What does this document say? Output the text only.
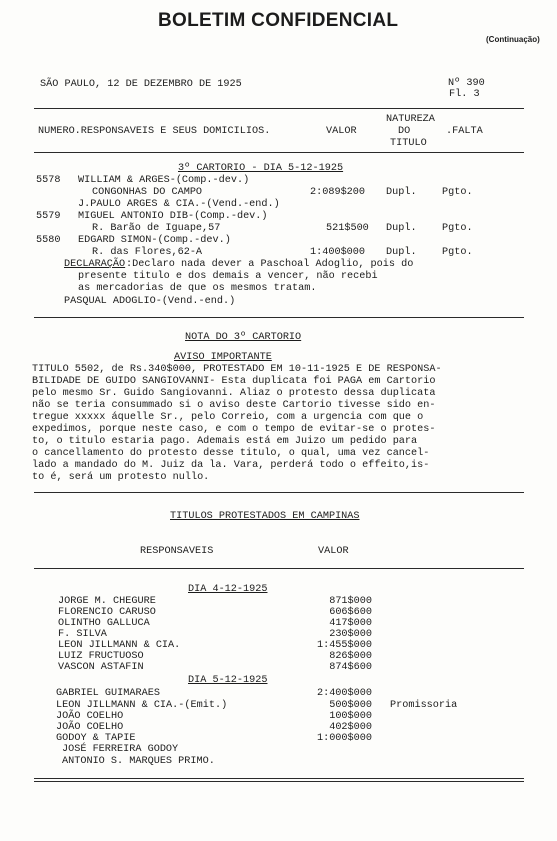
BOLETIM CONFIDENCIAL
(Continuação)
SÃO PAULO, 12 DE DEZEMBRO DE 1925	Nº 390
Fl. 3
NUMERO.RESPONSAVEIS E SEUS DOMICILIOS.	VALOR
NATUREZA
DO
TITULO
.FALTA
3º CARTORIO - DIA 5-12-1925
5578 WILLIAM & ARGES-(Comp.-dev.)
CONGONHAS DO CAMPO	2:089$200 Dupl. Pgto.
J.PAULO ARGES & CIA.-(Vend.-end.)
5579 MIGUEL ANTONIO DIB-(Comp.-dev.)
R. Barão de Iguape,57	521$500 Dupl. Pgto.
5580 EDGARD SIMON-(Comp.-dev.)
R. das Flores,62-A	1:400$000 Dupl. Pgto.
DECLARAÇÃO :Declaro nada dever a Paschoal Adoglio, pois do
presente titulo e dos demais a vencer, não recebi
as mercadorias de que os mesmos tratam.
PASQUAL ADOGLIO-(Vend.-end.)
NOTA DO 3º CARTORIO
AVISO IMPORTANTE
TITULO 5502, de Rs.340$000, PROTESTADO EM 10-11-1925 E DE RESPONSA-
BILIDADE DE GUIDO SANGIOVANNI- Esta duplicata foi PAGA em Cartorio
pelo mesmo Sr. Guido Sangiovanni. Aliaz o protesto dessa duplicata
não se teria consummado si o aviso deste Cartorio tivesse sido en-
tregue xxxxx áquelle Sr., pelo Correio, com a urgencia com que o
expedimos, porque neste caso, e com o tempo de evitar-se o protes-
to, o titulo estaria pago. Ademais está em Juizo um pedido para
o cancellamento do protesto desse titulo, o qual, uma vez cancel-
lado a mandado do M. Juiz da la. Vara, perderá todo o effeito,is-
to é, será um protesto nullo.
TITULOS PROTESTADOS EM CAMPINAS
RESPONSAVEIS	VALOR
DIA 4-12-1925
JORGE M. CHEGURE	871$000
FLORENCIO CARUSO	606$600
OLINTHO GALLUCA	417$000
F. SILVA	230$000
LEON JILLMANN & CIA.	1:455$000
LUIZ FRUCTUOSO	826$000
VASCON ASTAFIN	874$600
DIA 5-12-1925
GABRIEL GUIMARAES	2:400$000
LEON JILLMANN & CIA.-(Emit.)	500$000 Promissoria
JOÃO COELHO	100$000
JOÃO COELHO	402$000
GODOY & TAPIE	1:000$000
JOSÉ FERREIRA GODOY
ANTONIO S. MARQUES PRIMO.
